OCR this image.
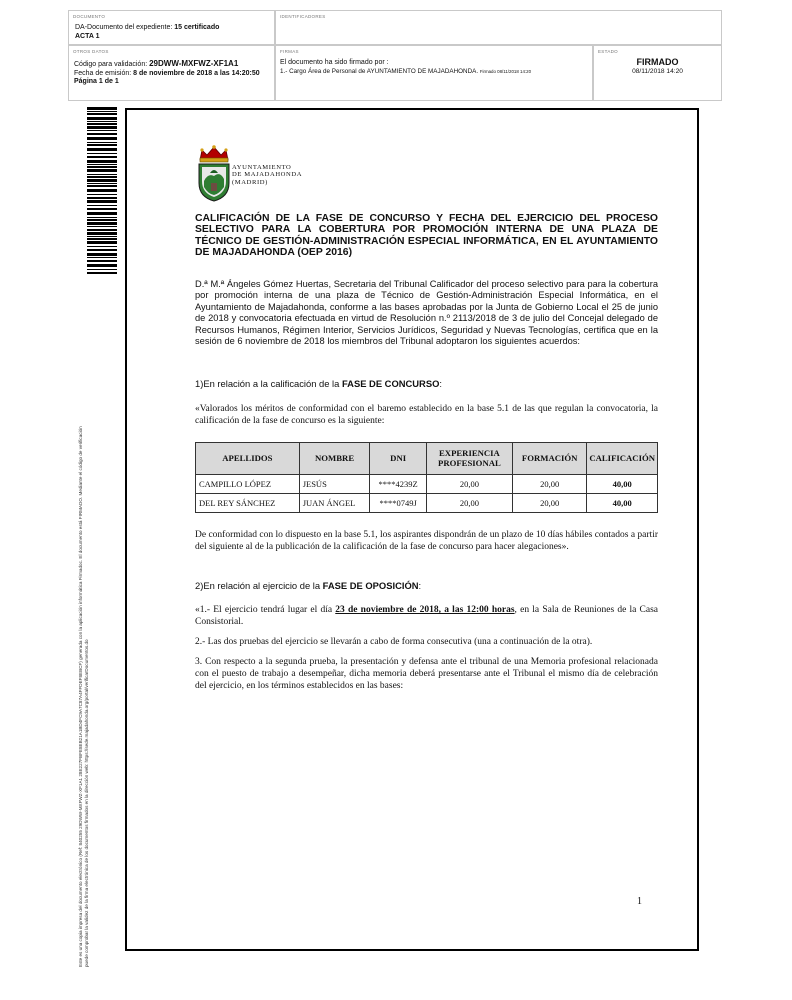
DOCUMENTO
DA-Documento del expediente: 15 certificado
ACTA 1
IDENTIFICADORES
OTROS DATOS
Código para validación: 29DWW-MXFWZ-XF1A1
Fecha de emisión: 8 de noviembre de 2018 a las 14:20:50
Página 1 de 1
FIRMAS
El documento ha sido firmado por :
1.- Cargo Área de Personal de AYUNTAMIENTO DE MAJADAHONDA. Firmado 08/11/2018 14:20
ESTADO
FIRMADO
08/11/2018 14:20
Este es una copia impresa del documento electrónico (Ref: 840255 29DWW-MXFWZ-XF1A1 28E227FBFE8EB21A1BD4FC9A7C87A4FFDEF8EBCF) generada con la aplicación informática Firmadoc. El documento está FIRMADO. Mediante el código de verificación puede comprobar la validez de la firma electrónica de los documentos firmados en la dirección web: https://sede.majadahonda.org/portal/verificarDocumentos.do
AYUNTAMIENTO
DE MAJADAHONDA
(MADRID)
CALIFICACIÓN DE LA FASE DE CONCURSO Y FECHA DEL EJERCICIO DEL PROCESO SELECTIVO PARA LA COBERTURA POR PROMOCIÓN INTERNA DE UNA PLAZA DE TÉCNICO DE GESTIÓN-ADMINISTRACIÓN ESPECIAL INFORMÁTICA, EN EL AYUNTAMIENTO DE MAJADAHONDA (OEP 2016)
D.ª M.ª Ángeles Gómez Huertas, Secretaria del Tribunal Calificador del proceso selectivo para para la cobertura por promoción interna de una plaza de Técnico de Gestión-Administración Especial Informática, en el Ayuntamiento de Majadahonda, conforme a las bases aprobadas por la Junta de Gobierno Local el 25 de junio de 2018 y convocatoria efectuada en virtud de Resolución n.º 2113/2018 de 3 de julio del Concejal delegado de Recursos Humanos, Régimen Interior, Servicios Jurídicos, Seguridad y Nuevas Tecnologías, certifica que en la sesión de 6 noviembre de 2018 los miembros del Tribunal adoptaron los siguientes acuerdos:
1)En relación a la calificación de la FASE DE CONCURSO:
«Valorados los méritos de conformidad con el baremo establecido en la base 5.1 de las que regulan la convocatoria, la calificación de la fase de concurso es la siguiente:
APELLIDOS	NOMBRE	DNI	EXPERIENCIA PROFESIONAL	FORMACIÓN	CALIFICACIÓN
CAMPILLO LÓPEZ	JESÚS	****4239Z	20,00	20,00	40,00
DEL REY SÁNCHEZ	JUAN ÁNGEL	****0749J	20,00	20,00	40,00
De conformidad con lo dispuesto en la base 5.1, los aspirantes dispondrán de un plazo de 10 días hábiles contados a partir del siguiente al de la publicación de la calificación de la fase de concurso para hacer alegaciones».
2)En relación al ejercicio de la FASE DE OPOSICIÓN:
«1.- El ejercicio tendrá lugar el día 23 de noviembre de 2018, a las 12:00 horas, en la Sala de Reuniones de la Casa Consistorial.
2.- Las dos pruebas del ejercicio se llevarán a cabo de forma consecutiva (una a continuación de la otra).
3. Con respecto a la segunda prueba, la presentación y defensa ante el tribunal de una Memoria profesional relacionada con el puesto de trabajo a desempeñar, dicha memoria deberá presentarse ante el Tribunal el mismo día de celebración del ejercicio, en los términos establecidos en las bases:
1
